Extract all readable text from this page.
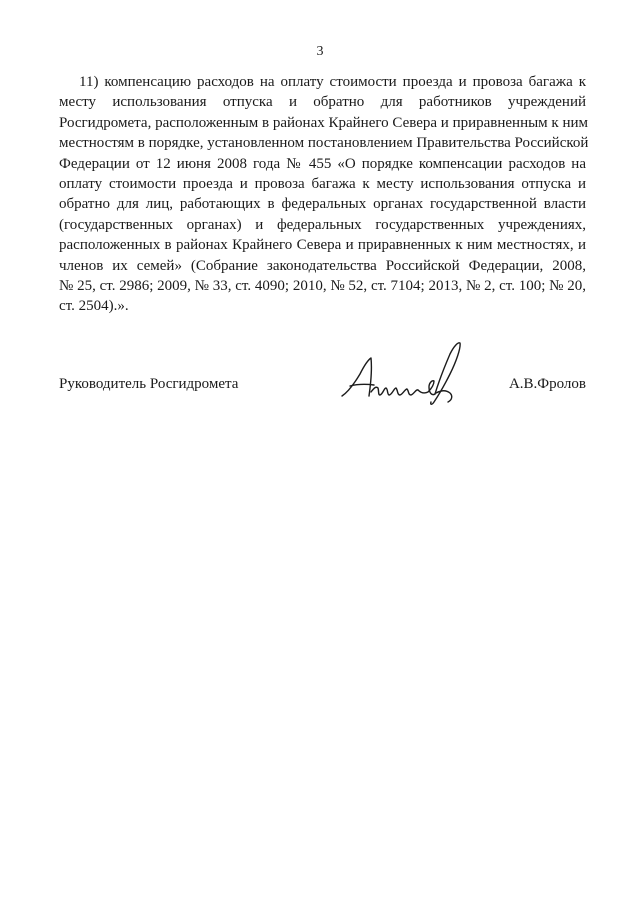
3
11) компенсацию расходов на оплату стоимости проезда и провоза багажа к
месту использования отпуска и обратно для работников учреждений
Росгидромета, расположенным в районах Крайнего Севера и приравненным к ним
местностям в порядке, установленном постановлением Правительства Российской
Федерации от 12 июня 2008 года № 455 «О порядке компенсации расходов на
оплату стоимости проезда и провоза багажа к месту использования отпуска и
обратно для лиц, работающих в федеральных органах государственной власти
(государственных органах) и федеральных государственных учреждениях,
расположенных в районах Крайнего Севера и приравненных к ним местностях, и
членов их семей» (Собрание законодательства Российской Федерации, 2008,
№ 25, ст. 2986; 2009, № 33, ст. 4090; 2010, № 52, ст. 7104; 2013, № 2, ст. 100; № 20,
ст. 2504).».
Руководитель Росгидромета	А.В.Фролов
